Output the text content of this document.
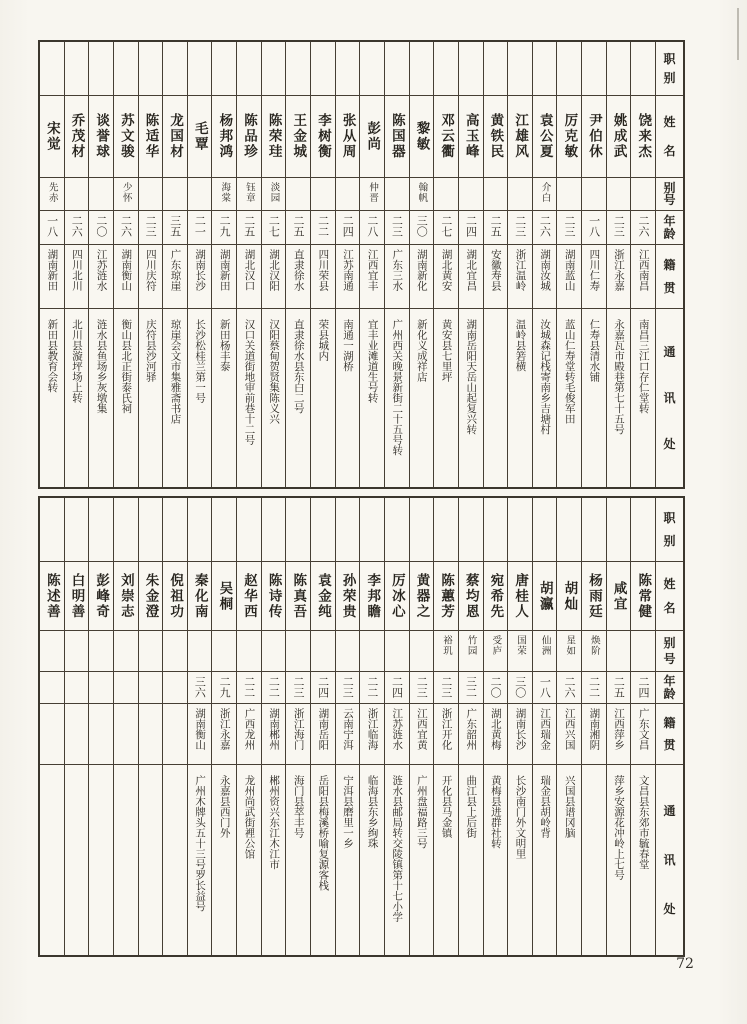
职
别
姓
名
别
号
年
龄
籍
贯
通
讯
处
饶来杰
二六
江西南昌
南昌三江口存仁堂转
姚成武
二三
浙江永嘉
永嘉瓦市殿巷第七十五号
尹伯休
一八
四川仁寿
仁寿县清水铺
厉克敏
二三
湖南蓝山
蓝山仁寿堂转毛俊军田
袁公夏
介白
二六
湖南汝城
汝城森记栈寄南乡吉塘村
江雄风
二三
浙江温岭
温岭县箬横
黄铁民
二五
安徽寿县
高玉峰
二四
湖北宜昌
湖南岳阳天岳山起复兴转
邓云衢
二七
湖北黄安
黄安县七里坪
黎敏
翰帆
三〇
湖南新化
新化义成祥店
陈国器
二三
广东三水
广州西关晚景新街二十五号转
彭尚
仲晋
二八
江西宜丰
宜丰业滩道生号转
张从周
二四
江苏南通
南通一湖桥
李树衡
二二
四川荣县
荣县城内
王金城
二五
直隶徐水
直隶徐水县东白二号
陈荣珪
淡园
二七
湖北汉阳
汉阳蔡甸贺贤集陈义兴
陈品珍
钰章
二五
湖北汉口
汉口关道街地审前巷十二号
杨邦鸿
海棠
二九
湖南新田
新田杨丰泰
毛覃
二一
湖南长沙
长沙松桂兰第一号
龙国材
三五
广东琼崖
琼崖会文市集雅斋书店
陈适华
二三
四川庆符
庆符县沙河驿
苏文骏
少怀
二六
湖南衡山
衡山县北正街泰氏祠
谈誉球
二〇
江苏涟水
涟水县鱼场乡灰墩集
乔茂材
二六
四川北川
北川县漩坪场上转
宋觉
先赤
一八
湖南新田
新田县教育会转
职
别
姓
名
别
号
年
龄
籍
贯
通
讯
处
陈常健
二四
广东文昌
文昌县东郊市毓春堂
咸宜
二五
江西萍乡
萍乡安源花冲岭上七号
杨雨廷
焕阶
二二
湖南湘阴
胡灿
星如
二六
江西兴国
兴国县谱冈脑
胡瀛
仙洲
一八
江西瑞金
瑞金县胡岭背
唐桂人
国荣
三〇
湖南长沙
长沙南门外文明里
宛希先
受庐
二〇
湖北黄梅
黄梅县进群社转
蔡均恩
竹园
三二
广东韶州
曲江县上后街
陈蕙芳
裕玑
二三
浙江开化
开化县马金镇
黄器之
二三
江西宜黄
广州盘福路三号
厉冰心
二四
江苏涟水
涟水县邮局转交陵镇第十七小学
李邦瞻
二二
浙江临海
临海县东乡绚珠
孙荣贵
二三
云南宁洱
宁洱县磨里一乡
袁金纯
二四
湖南岳阳
岳阳县梅溪桥喻复源客栈
陈真吾
二三
浙江海门
海门县萃丰号
陈诗传
二二
湖南郴州
郴州资兴东江木江市
赵华西
二二
广西龙州
龙州尚武街裡公馆
吴桐
二九
浙江永嘉
永嘉县西门外
秦化南
三六
湖南衡山
广州木牌头五十三号罗长益号
倪祖功
朱金澄
刘崇志
彭峰奇
白明善
陈述善
72
